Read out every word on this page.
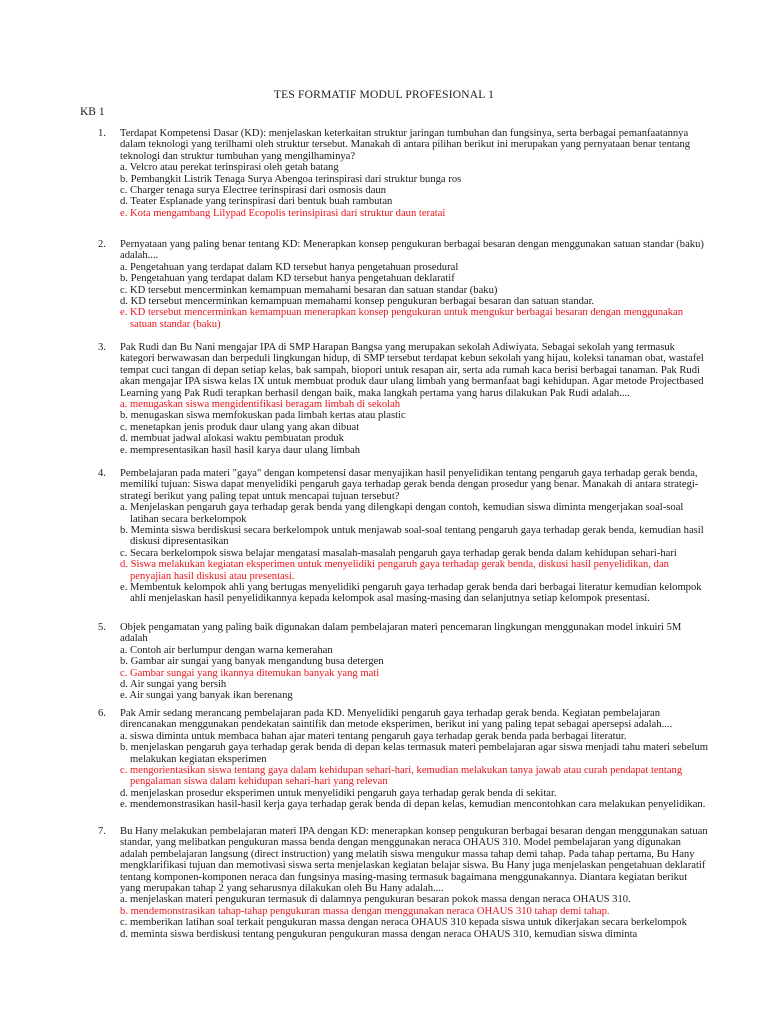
TES FORMATIF MODUL PROFESIONAL 1
KB 1
1. Terdapat Kompetensi Dasar (KD): menjelaskan keterkaitan struktur jaringan tumbuhan dan fungsinya, serta berbagai pemanfaatannya dalam teknologi yang terilhami oleh struktur tersebut. Manakah di antara pilihan berikut ini merupakan yang pernyataan benar tentang teknologi dan struktur tumbuhan yang mengilhaminya?
a. Velcro atau perekat terinspirasi oleh getah batang
b. Pembangkit Listrik Tenaga Surya Abengoa terinspirasi dari struktur bunga ros
c. Charger tenaga surya Electree terinspirasi dari osmosis daun
d. Teater Esplanade yang terinspirasi dari bentuk buah rambutan
e. Kota mengambang Lilypad Ecopolis terinsipirasi dari struktur daun teratai
2. Pernyataan yang paling benar tentang KD: Menerapkan konsep pengukuran berbagai besaran dengan menggunakan satuan standar (baku) adalah....
a. Pengetahuan yang terdapat dalam KD tersebut hanya pengetahuan prosedural
b. Pengetahuan yang terdapat dalam KD tersebut hanya pengetahuan deklaratif
c. KD tersebut mencerminkan kemampuan memahami besaran dan satuan standar (baku)
d. KD tersebut mencerminkan kemampuan memahami konsep pengukuran berbagai besaran dan satuan standar.
e. KD tersebut mencerminkan kemampuan menerapkan konsep pengukuran untuk mengukur berbagai besaran dengan menggunakan satuan standar (baku)
3. Pak Rudi dan Bu Nani mengajar IPA di SMP Harapan Bangsa yang merupakan sekolah Adiwiyata. Sebagai sekolah yang termasuk kategori berwawasan dan berpeduli lingkungan hidup, di SMP tersebut terdapat kebun sekolah yang hijau, koleksi tanaman obat, wastafel tempat cuci tangan di depan setiap kelas, bak sampah, biopori untuk resapan air, serta ada rumah kaca berisi berbagai tanaman. Pak Rudi akan mengajar IPA siswa kelas IX untuk membuat produk daur ulang limbah yang bermanfaat bagi kehidupan. Agar metode Projectbased Learning yang Pak Rudi terapkan berhasil dengan baik, maka langkah pertama yang harus dilakukan Pak Rudi adalah....
a. menugaskan siswa mengidentifikasi beragam limbah di sekolah
b. menugaskan siswa memfokuskan pada limbah kertas atau plastic
c. menetapkan jenis produk daur ulang yang akan dibuat
d. membuat jadwal alokasi waktu pembuatan produk
e. mempresentasikan hasil hasil karya daur ulang limbah
4. Pembelajaran pada materi "gaya" dengan kompetensi dasar menyajikan hasil penyelidikan tentang pengaruh gaya terhadap gerak benda, memiliki tujuan: Siswa dapat menyelidiki pengaruh gaya terhadap gerak benda dengan prosedur yang benar. Manakah di antara strategi-strategi berikut yang paling tepat untuk mencapai tujuan tersebut?
a. Menjelaskan pengaruh gaya terhadap gerak benda yang dilengkapi dengan contoh, kemudian siswa diminta mengerjakan soal-soal latihan secara berkelompok
b. Meminta siswa berdiskusi secara berkelompok untuk menjawab soal-soal tentang pengaruh gaya terhadap gerak benda, kemudian hasil diskusi dipresentasikan
c. Secara berkelompok siswa belajar mengatasi masalah-masalah pengaruh gaya terhadap gerak benda dalam kehidupan sehari-hari
d. Siswa melakukan kegiatan eksperimen untuk menyelidiki pengaruh gaya terhadap gerak benda, diskusi hasil penyelidikan, dan penyajian hasil diskusi atau presentasi.
e. Membentuk kelompok ahli yang bertugas menyelidiki pengaruh gaya terhadap gerak benda dari berbagai literatur kemudian kelompok ahli menjelaskan hasil penyelidikannya kepada kelompok asal masing-masing dan selanjutnya setiap kelompok presentasi.
5. Objek pengamatan yang paling baik digunakan dalam pembelajaran materi pencemaran lingkungan menggunakan model inkuiri 5M adalah
a. Contoh air berlumpur dengan warna kemerahan
b. Gambar air sungai yang banyak mengandung busa detergen
c. Gambar sungai yang ikannya ditemukan banyak yang mati
d. Air sungai yang bersih
e. Air sungai yang banyak ikan berenang
6. Pak Amir sedang merancang pembelajaran pada KD. Menyelidiki pengaruh gaya terhadap gerak benda. Kegiatan pembelajaran direncanakan menggunakan pendekatan saintifik dan metode eksperimen, berikut ini yang paling tepat sebagai apersepsi adalah....
a. siswa diminta untuk membaca bahan ajar materi tentang pengaruh gaya terhadap gerak benda pada berbagai literatur.
b. menjelaskan pengaruh gaya terhadap gerak benda di depan kelas termasuk materi pembelajaran agar siswa menjadi tahu materi sebelum melakukan kegiatan eksperimen
c. mengorientasikan siswa tentang gaya dalam kehidupan sehari-hari, kemudian melakukan tanya jawab atau curah pendapat tentang pengalaman siswa dalam kehidupan sehari-hari yang relevan
d. menjelaskan prosedur eksperimen untuk menyelidiki pengaruh gaya terhadap gerak benda di sekitar.
e. mendemonstrasikan hasil-hasil kerja gaya terhadap gerak benda di depan kelas, kemudian mencontohkan cara melakukan penyelidikan.
7. Bu Hany melakukan pembelajaran materi IPA dengan KD: menerapkan konsep pengukuran berbagai besaran dengan menggunakan satuan standar, yang melibatkan pengukuran massa benda dengan menggunakan neraca OHAUS 310. Model pembelajaran yang digunakan adalah pembelajaran langsung (direct instruction) yang melatih siswa mengukur massa tahap demi tahap. Pada tahap pertama, Bu Hany mengklarifikasi tujuan dan memotivasi siswa serta menjelaskan kegiatan belajar siswa. Bu Hany juga menjelaskan pengetahuan deklaratif tentang komponen-komponen neraca dan fungsinya masing-masing termasuk bagaimana menggunakannya. Diantara kegiatan berikut yang merupakan tahap 2 yang seharusnya dilakukan oleh Bu Hany adalah....
a. menjelaskan materi pengukuran termasuk di dalamnya pengukuran besaran pokok massa dengan neraca OHAUS 310.
b. mendemonstrasikan tahap-tahap pengukuran massa dengan menggunakan neraca OHAUS 310 tahap demi tahap.
c. memberikan latihan soal terkait pengukuran massa dengan neraca OHAUS 310 kepada siswa untuk dikerjakan secara berkelompok
d. meminta siswa berdiskusi tentang pengukuran pengukuran massa dengan neraca OHAUS 310, kemudian siswa diminta
